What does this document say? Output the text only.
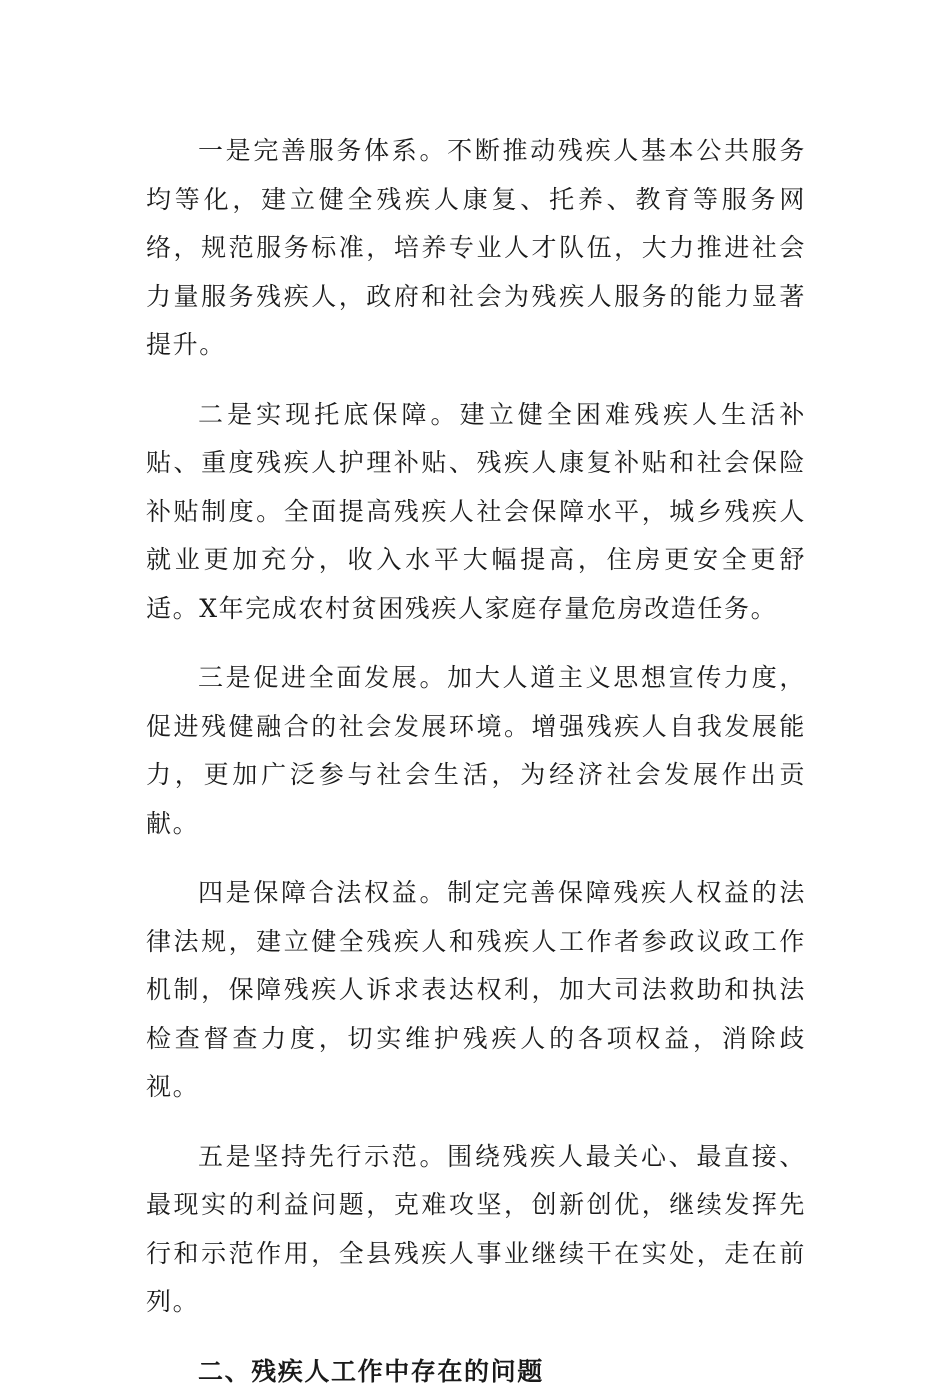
一是完善服务体系。不断推动残疾人基本公共服务均等化，建立健全残疾人康复、托养、教育等服务网络，规范服务标准，培养专业人才队伍，大力推进社会力量服务残疾人，政府和社会为残疾人服务的能力显著提升。

二是实现托底保障。建立健全困难残疾人生活补贴、重度残疾人护理补贴、残疾人康复补贴和社会保险补贴制度。全面提高残疾人社会保障水平，城乡残疾人就业更加充分，收入水平大幅提高，住房更安全更舒适。X年完成农村贫困残疾人家庭存量危房改造任务。

三是促进全面发展。加大人道主义思想宣传力度，促进残健融合的社会发展环境。增强残疾人自我发展能力，更加广泛参与社会生活，为经济社会发展作出贡献。

四是保障合法权益。制定完善保障残疾人权益的法律法规，建立健全残疾人和残疾人工作者参政议政工作机制，保障残疾人诉求表达权利，加大司法救助和执法检查督查力度，切实维护残疾人的各项权益，消除歧视。

五是坚持先行示范。围绕残疾人最关心、最直接、最现实的利益问题，克难攻坚，创新创优，继续发挥先行和示范作用，全县残疾人事业继续干在实处，走在前列。

二、残疾人工作中存在的问题
